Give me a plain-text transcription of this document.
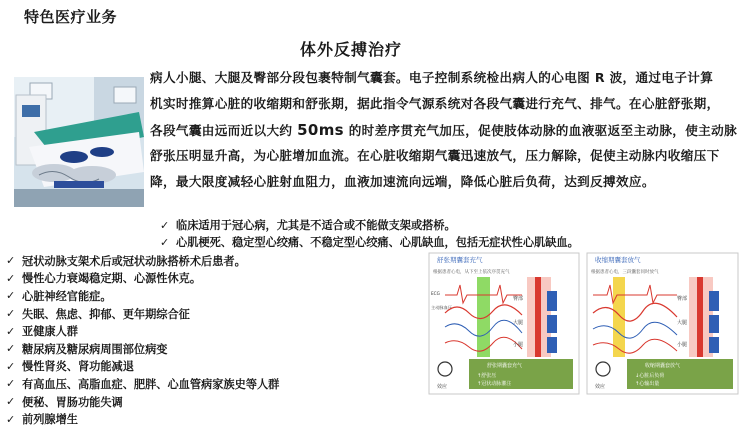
特色医疗业务
体外反搏治疗
病人小腿、大腿及臀部分段包裹特制气囊套。电子控制系统检出病人的心电图 R 波，通过电子计算
机实时推算心脏的收缩期和舒张期，据此指令气源系统对各段气囊进行充气、排气。在心脏舒张期，
各段气囊由远而近以大约 50ms 的时差序贯充气加压，促使肢体动脉的血液驱返至主动脉，使主动脉
舒张压明显升高，为心脏增加血流。在心脏收缩期气囊迅速放气，压力解除，促使主动脉内收缩压下
降，最大限度减轻心脏射血阻力，血液加速流向远端，降低心脏后负荷，达到反搏效应。
✓ 临床适用于冠心病，尤其是不适合或不能做支架或搭桥。
✓ 心肌梗死、稳定型心绞痛、不稳定型心绞痛、心肌缺血，包括无症状性心肌缺血。
✓ 冠状动脉支架术后或冠状动脉搭桥术后患者。
✓ 慢性心力衰竭稳定期、心源性休克。
✓ 心脏神经官能症。
✓ 失眠、焦虑、抑郁、更年期综合征
✓ 亚健康人群
✓ 糖尿病及糖尿病周围部位病变
✓ 慢性肾炎、肾功能减退
✓ 有高血压、高脂血症、肥胖、心血管病家族史等人群
✓ 便秘、胃肠功能失调
✓ 前列腺增生
舒张期囊套充气
根据患者心电，从下至上依次序贯充气
ECG
主动脉血压
臀部
大腿
小腿
效应
舒张期囊套充气
↑舒张压
↑冠状动脉灌注
收缩期囊套放气
根据患者心电，三段囊套同时放气
臀部
大腿
小腿
效应
收缩期囊套放气
↓心脏后负荷
↑心输出量
